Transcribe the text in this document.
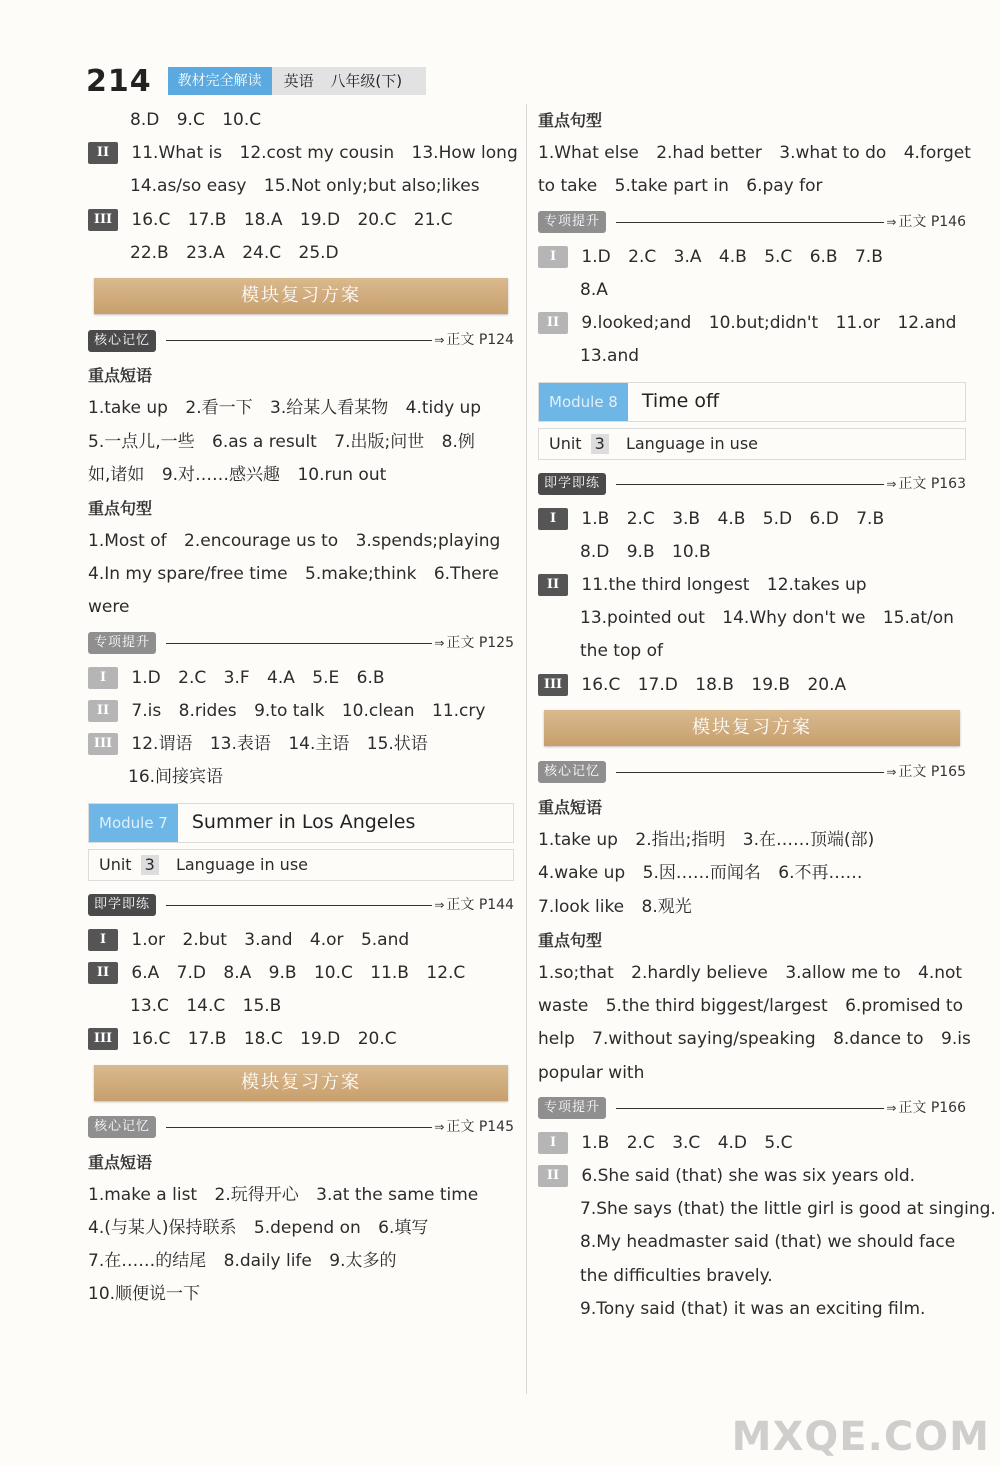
214	教材完全解读	英语 八年级(下)
8.D 9.C 10.C
II 11.What is 12.cost my cousin 13.How long
14.as/so easy 15.Not only;but also;likes
III 16.C 17.B 18.A 19.D 20.C 21.C
22.B 23.A 24.C 25.D
模块复习方案
核心记忆	⇒ 正文 P124
重点短语
1.take up 2.看一下 3.给某人看某物 4.tidy up
5.一点儿,一些 6.as a result 7.出版;问世 8.例
如,诸如 9.对……感兴趣 10.run out
重点句型
1.Most of 2.encourage us to 3.spends;playing
4.In my spare/free time 5.make;think 6.There
were
专项提升	⇒ 正文 P125
I 1.D 2.C 3.F 4.A 5.E 6.B
II 7.is 8.rides 9.to talk 10.clean 11.cry
III 12.谓语 13.表语 14.主语 15.状语
16.间接宾语
Module 7	Summer in Los Angeles
Unit 3 Language in use
即学即练	⇒ 正文 P144
I 1.or 2.but 3.and 4.or 5.and
II 6.A 7.D 8.A 9.B 10.C 11.B 12.C
13.C 14.C 15.B
III 16.C 17.B 18.C 19.D 20.C
模块复习方案
核心记忆	⇒ 正文 P145
重点短语
1.make a list 2.玩得开心 3.at the same time
4.(与某人)保持联系 5.depend on 6.填写
7.在……的结尾 8.daily life 9.太多的
10.顺便说一下
重点句型
1.What else 2.had better 3.what to do 4.forget
to take 5.take part in 6.pay for
专项提升	⇒ 正文 P146
I 1.D 2.C 3.A 4.B 5.C 6.B 7.B
8.A
II 9.looked;and 10.but;didn't 11.or 12.and
13.and
Module 8	Time off
Unit 3 Language in use
即学即练	⇒ 正文 P163
I 1.B 2.C 3.B 4.B 5.D 6.D 7.B
8.D 9.B 10.B
II 11.the third longest 12.takes up
13.pointed out 14.Why don't we 15.at/on
the top of
III 16.C 17.D 18.B 19.B 20.A
模块复习方案
核心记忆	⇒ 正文 P165
重点短语
1.take up 2.指出;指明 3.在……顶端(部)
4.wake up 5.因……而闻名 6.不再……
7.look like 8.观光
重点句型
1.so;that 2.hardly believe 3.allow me to 4.not
waste 5.the third biggest/largest 6.promised to
help 7.without saying/speaking 8.dance to 9.is
popular with
专项提升	⇒ 正文 P166
I 1.B 2.C 3.C 4.D 5.C
II 6.She said (that) she was six years old.
7.She says (that) the little girl is good at singing.
8.My headmaster said (that) we should face
the difficulties bravely.
9.Tony said (that) it was an exciting film.
MXQE.COM
